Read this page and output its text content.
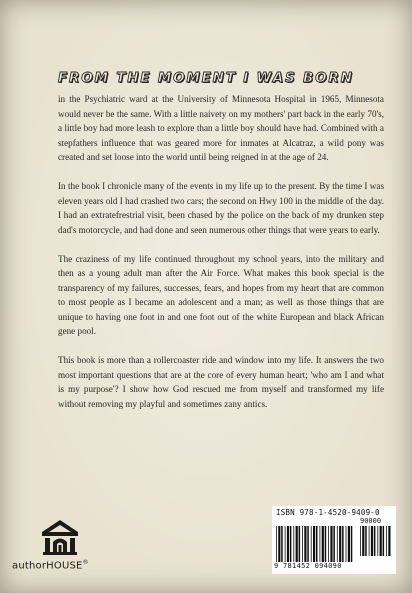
FROM THE MOMENT I WAS BORN

in the Psychiatric ward at the University of Minnesota Hospital in 1965, Minnesota would never be the same. With a little naivety on my mothers' part back in the early 70's, a little boy had more leash to explore than a little boy should have had. Combined with a stepfathers influence that was geared more for inmates at Alcatraz, a wild pony was created and set loose into the world until being reigned in at the age of 24.

In the book I chronicle many of the events in my life up to the present. By the time I was eleven years old I had crashed two cars; the second on Hwy 100 in the middle of the day. I had an extratefrestrial visit, been chased by the police on the back of my drunken step dad's motorcycle, and had done and seen numerous other things that were years to early.

The craziness of my life continued throughout my school years, into the military and then as a young adult man after the Air Force. What makes this book special is the transparency of my failures, successes, fears, and hopes from my heart that are common to most people as I became an adolescent and a man; as well as those things that are unique to having one foot in and one foot out of the white European and black African gene pool.

This book is more than a rollercoaster ride and window into my life. It answers the two most important questions that are at the core of every human heart; 'who am I and what is my purpose'? I show how God rescued me from myself and transformed my life without removing my playful and sometimes zany antics.

authorHOUSE®
ISBN 978-1-4520-9409-0
90000
9 781452 094090
